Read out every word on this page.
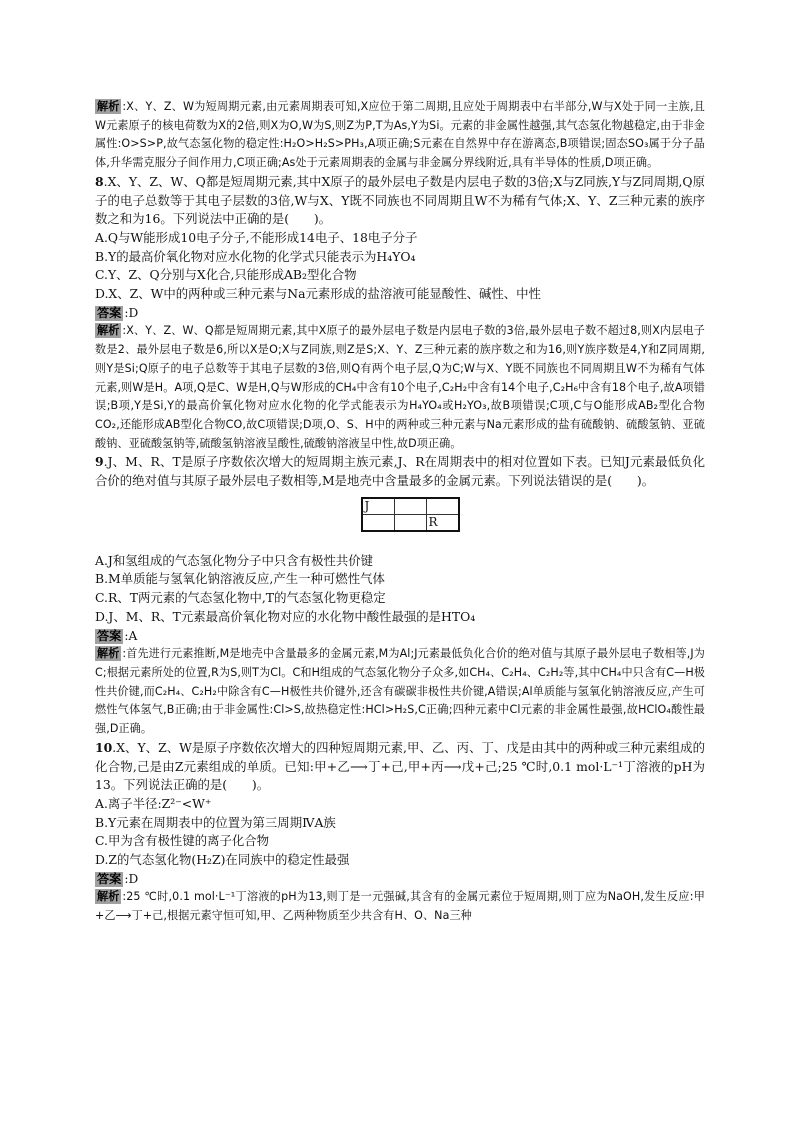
解析 :X、Y、Z、W为短周期元素,由元素周期表可知,X应位于第二周期,且应处于周期表中右半部分,W与X处于同一主族,且W元素原子的核电荷数为X的2倍,则X为O,W为S,则Z为P,T为As,Y为Si。元素的非金属性越强,其气态氢化物越稳定,由于非金属性:O>S>P,故气态氢化物的稳定性:H₂O>H₂S>PH₃,A项正确;S元素在自然界中存在游离态,B项错误;固态SO₃属于分子晶体,升华需克服分子间作用力,C项正确;As处于元素周期表的金属与非金属分界线附近,具有半导体的性质,D项正确。

8.X、Y、Z、W、Q都是短周期元素,其中X原子的最外层电子数是内层电子数的3倍;X与Z同族,Y与Z同周期,Q原子的电子总数等于其电子层数的3倍,W与X、Y既不同族也不同周期且W不为稀有气体;X、Y、Z三种元素的族序数之和为16。下列说法中正确的是(　　)。

A.Q与W能形成10电子分子,不能形成14电子、18电子分子

B.Y的最高价氧化物对应水化物的化学式只能表示为H₄YO₄

C.Y、Z、Q分别与X化合,只能形成AB₂型化合物

D.X、Z、W中的两种或三种元素与Na元素形成的盐溶液可能显酸性、碱性、中性

答案 :D

解析 :X、Y、Z、W、Q都是短周期元素,其中X原子的最外层电子数是内层电子数的3倍,最外层电子数不超过8,则X内层电子数是2、最外层电子数是6,所以X是O;X与Z同族,则Z是S;X、Y、Z三种元素的族序数之和为16,则Y族序数是4,Y和Z同周期,则Y是Si;Q原子的电子总数等于其电子层数的3倍,则Q有两个电子层,Q为C;W与X、Y既不同族也不同周期且W不为稀有气体元素,则W是H。A项,Q是C、W是H,Q与W形成的CH₄中含有10个电子,C₂H₂中含有14个电子,C₂H₆中含有18个电子,故A项错误;B项,Y是Si,Y的最高价氧化物对应水化物的化学式能表示为H₄YO₄或H₂YO₃,故B项错误;C项,C与O能形成AB₂型化合物CO₂,还能形成AB型化合物CO,故C项错误;D项,O、S、H中的两种或三种元素与Na元素形成的盐有硫酸钠、硫酸氢钠、亚硫酸钠、亚硫酸氢钠等,硫酸氢钠溶液呈酸性,硫酸钠溶液呈中性,故D项正确。

9.J、M、R、T是原子序数依次增大的短周期主族元素,J、R在周期表中的相对位置如下表。已知J元素最低负化合价的绝对值与其原子最外层电子数相等,M是地壳中含量最多的金属元素。下列说法错误的是(　　)。

J		
		R

A.J和氢组成的气态氢化物分子中只含有极性共价键

B.M单质能与氢氧化钠溶液反应,产生一种可燃性气体

C.R、T两元素的气态氢化物中,T的气态氢化物更稳定

D.J、M、R、T元素最高价氧化物对应的水化物中酸性最强的是HTO₄

答案 :A

解析 :首先进行元素推断,M是地壳中含量最多的金属元素,M为Al;J元素最低负化合价的绝对值与其原子最外层电子数相等,J为C;根据元素所处的位置,R为S,则T为Cl。C和H组成的气态氢化物分子众多,如CH₄、C₂H₄、C₂H₂等,其中CH₄中只含有C—H极性共价键,而C₂H₄、C₂H₂中除含有C—H极性共价键外,还含有碳碳非极性共价键,A错误;Al单质能与氢氧化钠溶液反应,产生可燃性气体氢气,B正确;由于非金属性:Cl>S,故热稳定性:HCl>H₂S,C正确;四种元素中Cl元素的非金属性最强,故HClO₄酸性最强,D正确。

10.X、Y、Z、W是原子序数依次增大的四种短周期元素,甲、乙、丙、丁、戊是由其中的两种或三种元素组成的化合物,己是由Z元素组成的单质。已知:甲+乙⟶丁+己,甲+丙⟶戊+己;25 ℃时,0.1 mol·L⁻¹丁溶液的pH为13。下列说法正确的是(　　)。

A.离子半径:Z²⁻<W⁺

B.Y元素在周期表中的位置为第三周期ⅣA族

C.甲为含有极性键的离子化合物

D.Z的气态氢化物(H₂Z)在同族中的稳定性最强

答案 :D

解析 :25 ℃时,0.1 mol·L⁻¹丁溶液的pH为13,则丁是一元强碱,其含有的金属元素位于短周期,则丁应为NaOH,发生反应:甲+乙⟶丁+己,根据元素守恒可知,甲、乙两种物质至少共含有H、O、Na三种
